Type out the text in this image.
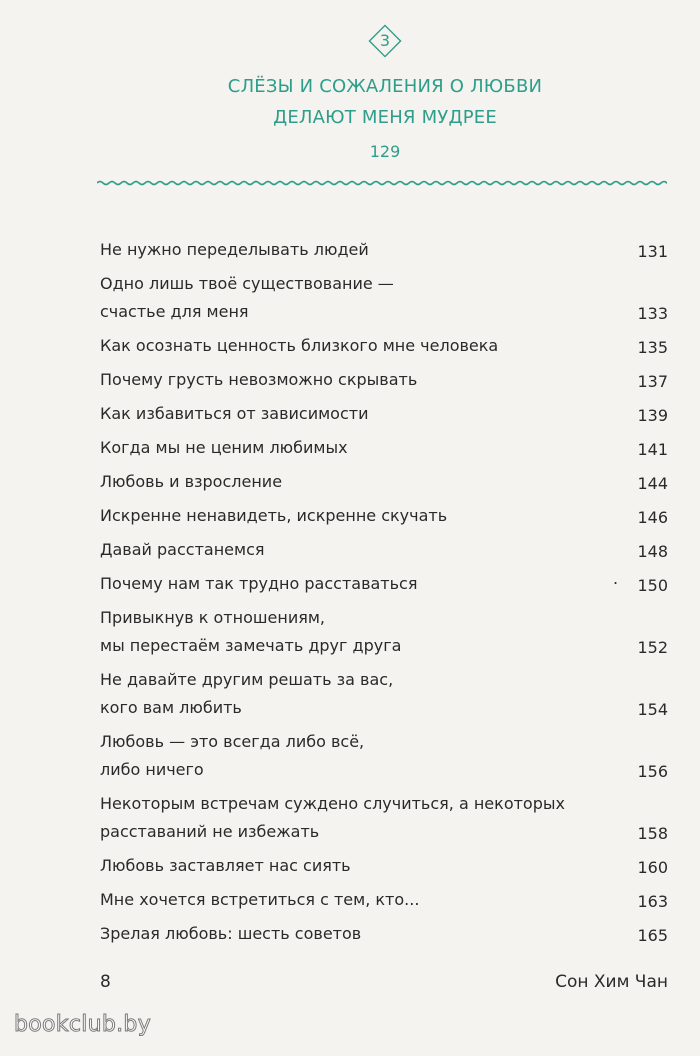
3
СЛЁЗЫ И СОЖАЛЕНИЯ О ЛЮБВИ
ДЕЛАЮТ МЕНЯ МУДРЕЕ
129
Не нужно переделывать людей	131
Одно лишь твоё существование —
счастье для меня	133
Как осознать ценность близкого мне человека	135
Почему грусть невозможно скрывать	137
Как избавиться от зависимости	139
Когда мы не ценим любимых	141
Любовь и взросление	144
Искренне ненавидеть, искренне скучать	146
Давай расстанемся	148
Почему нам так трудно расставаться	150
Привыкнув к отношениям,
мы перестаём замечать друг друга	152
Не давайте другим решать за вас,
кого вам любить	154
Любовь — это всегда либо всё,
либо ничего	156
Некоторым встречам суждено случиться, а некоторых
расставаний не избежать	158
Любовь заставляет нас сиять	160
Мне хочется встретиться с тем, кто...	163
Зрелая любовь: шесть советов	165
.
8	Сон Хим Чан
bookclub.by
